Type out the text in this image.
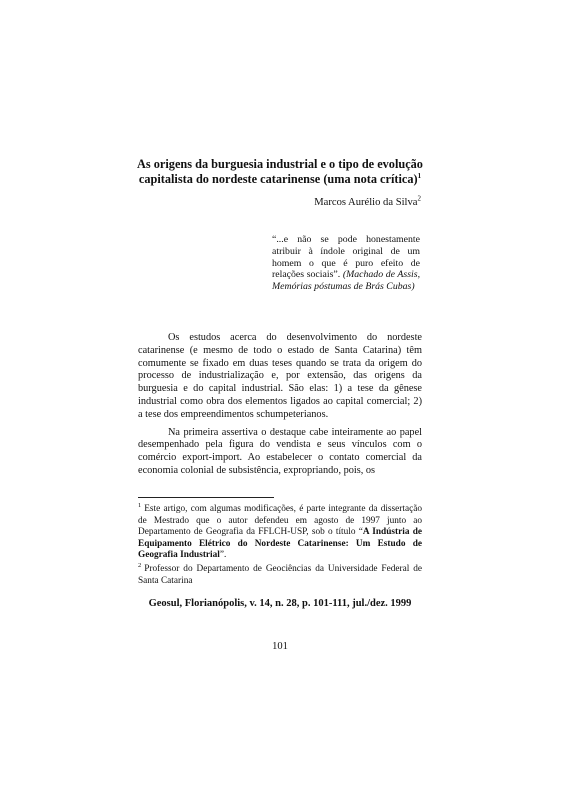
As origens da burguesia industrial e o tipo de evolução capitalista do nordeste catarinense (uma nota crítica)$^1$
Marcos Aurélio da Silva$^2$
“...e não se pode honestamente atribuir à índole original de um homem o que é puro efeito de relações sociais”. (Machado de Assis, Memórias póstumas de Brás Cubas)

Os estudos acerca do desenvolvimento do nordeste catarinense (e mesmo de todo o estado de Santa Catarina) têm comumente se fixado em duas teses quando se trata da origem do processo de industrialização e, por extensão, das origens da burguesia e do capital industrial. São elas: 1) a tese da gênese industrial como obra dos elementos ligados ao capital comercial; 2) a tese dos empreendimentos schumpeterianos.

Na primeira assertiva o destaque cabe inteiramente ao papel desempenhado pela figura do vendista e seus vínculos com o comércio export-import. Ao estabelecer o contato comercial da economia colonial de subsistência, expropriando, pois, os

$^1$ Este artigo, com algumas modificações, é parte integrante da dissertação de Mestrado que o autor defendeu em agosto de 1997 junto ao Departamento de Geografia da FFLCH-USP, sob o título “A Indústria de Equipamento Elétrico do Nordeste Catarinense: Um Estudo de Geografia Industrial”.

$^2$ Professor do Departamento de Geociências da Universidade Federal de Santa Catarina

Geosul, Florianópolis, v. 14, n. 28, p. 101-111, jul./dez. 1999
101
